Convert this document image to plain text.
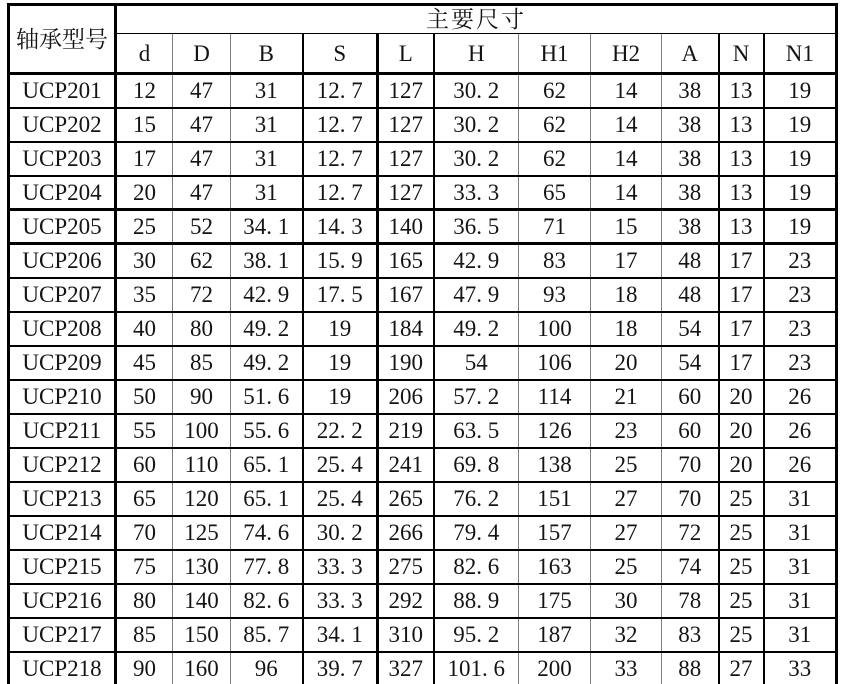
轴承型号	主要尺寸										
	d	D	B	S	L	H	H1	H2	A	N	N1
UCP201	12	47	31	12. 7	127	30. 2	62	14	38	13	19
UCP202	15	47	31	12. 7	127	30. 2	62	14	38	13	19
UCP203	17	47	31	12. 7	127	30. 2	62	14	38	13	19
UCP204	20	47	31	12. 7	127	33. 3	65	14	38	13	19
UCP205	25	52	34. 1	14. 3	140	36. 5	71	15	38	13	19
UCP206	30	62	38. 1	15. 9	165	42. 9	83	17	48	17	23
UCP207	35	72	42. 9	17. 5	167	47. 9	93	18	48	17	23
UCP208	40	80	49. 2	19	184	49. 2	100	18	54	17	23
UCP209	45	85	49. 2	19	190	54	106	20	54	17	23
UCP210	50	90	51. 6	19	206	57. 2	114	21	60	20	26
UCP211	55	100	55. 6	22. 2	219	63. 5	126	23	60	20	26
UCP212	60	110	65. 1	25. 4	241	69. 8	138	25	70	20	26
UCP213	65	120	65. 1	25. 4	265	76. 2	151	27	70	25	31
UCP214	70	125	74. 6	30. 2	266	79. 4	157	27	72	25	31
UCP215	75	130	77. 8	33. 3	275	82. 6	163	25	74	25	31
UCP216	80	140	82. 6	33. 3	292	88. 9	175	30	78	25	31
UCP217	85	150	85. 7	34. 1	310	95. 2	187	32	83	25	31
UCP218	90	160	96	39. 7	327	101. 6	200	33	88	27	33
